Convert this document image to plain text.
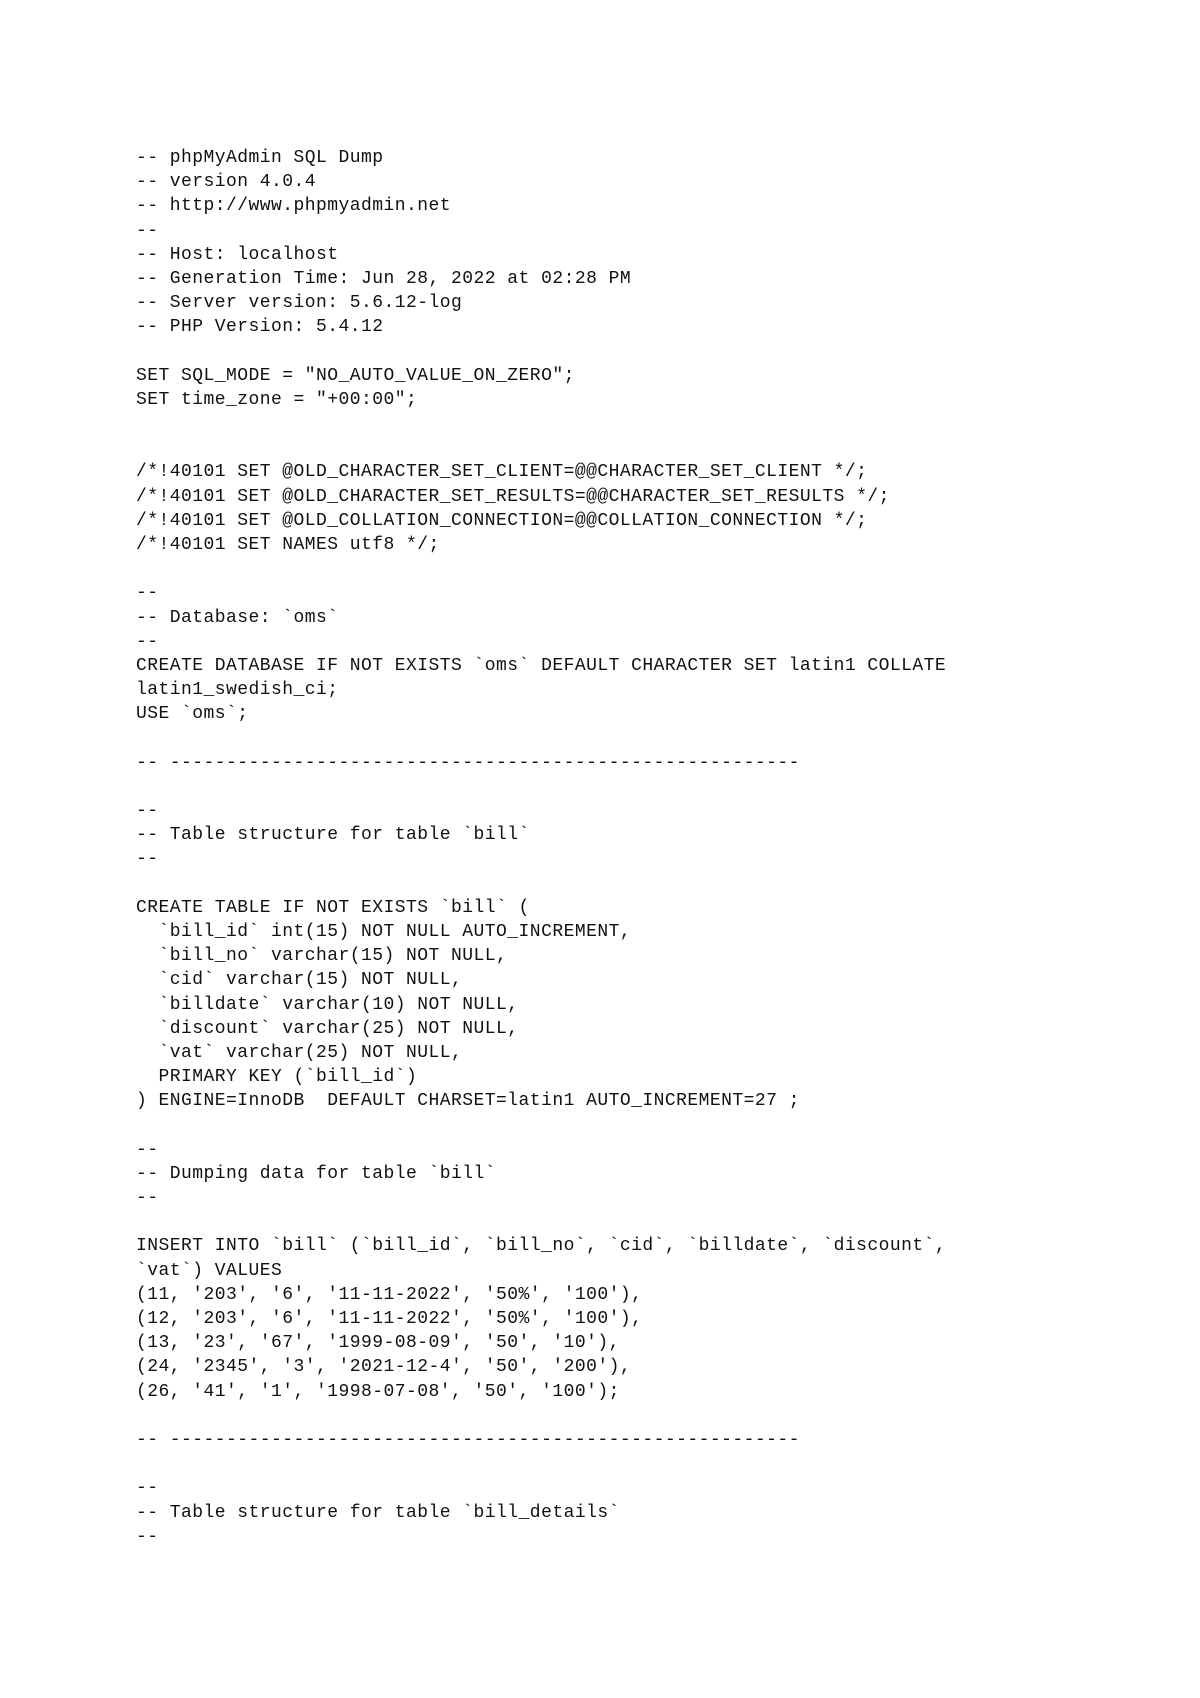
-- phpMyAdmin SQL Dump
-- version 4.0.4
-- http://www.phpmyadmin.net
--
-- Host: localhost
-- Generation Time: Jun 28, 2022 at 02:28 PM
-- Server version: 5.6.12-log
-- PHP Version: 5.4.12
SET SQL_MODE = "NO_AUTO_VALUE_ON_ZERO";
SET time_zone = "+00:00";
/*!40101 SET @OLD_CHARACTER_SET_CLIENT=@@CHARACTER_SET_CLIENT */;
/*!40101 SET @OLD_CHARACTER_SET_RESULTS=@@CHARACTER_SET_RESULTS */;
/*!40101 SET @OLD_COLLATION_CONNECTION=@@COLLATION_CONNECTION */;
/*!40101 SET NAMES utf8 */;
--
-- Database: `oms`
--
CREATE DATABASE IF NOT EXISTS `oms` DEFAULT CHARACTER SET latin1 COLLATE
latin1_swedish_ci;
USE `oms`;
-- --------------------------------------------------------
--
-- Table structure for table `bill`
--
CREATE TABLE IF NOT EXISTS `bill` (
`bill_id` int(15) NOT NULL AUTO_INCREMENT,
`bill_no` varchar(15) NOT NULL,
`cid` varchar(15) NOT NULL,
`billdate` varchar(10) NOT NULL,
`discount` varchar(25) NOT NULL,
`vat` varchar(25) NOT NULL,
PRIMARY KEY (`bill_id`)
) ENGINE=InnoDB  DEFAULT CHARSET=latin1 AUTO_INCREMENT=27 ;
--
-- Dumping data for table `bill`
--
INSERT INTO `bill` (`bill_id`, `bill_no`, `cid`, `billdate`, `discount`,
`vat`) VALUES
(11, '203', '6', '11-11-2022', '50%', '100'),
(12, '203', '6', '11-11-2022', '50%', '100'),
(13, '23', '67', '1999-08-09', '50', '10'),
(24, '2345', '3', '2021-12-4', '50', '200'),
(26, '41', '1', '1998-07-08', '50', '100');
-- --------------------------------------------------------
--
-- Table structure for table `bill_details`
--
